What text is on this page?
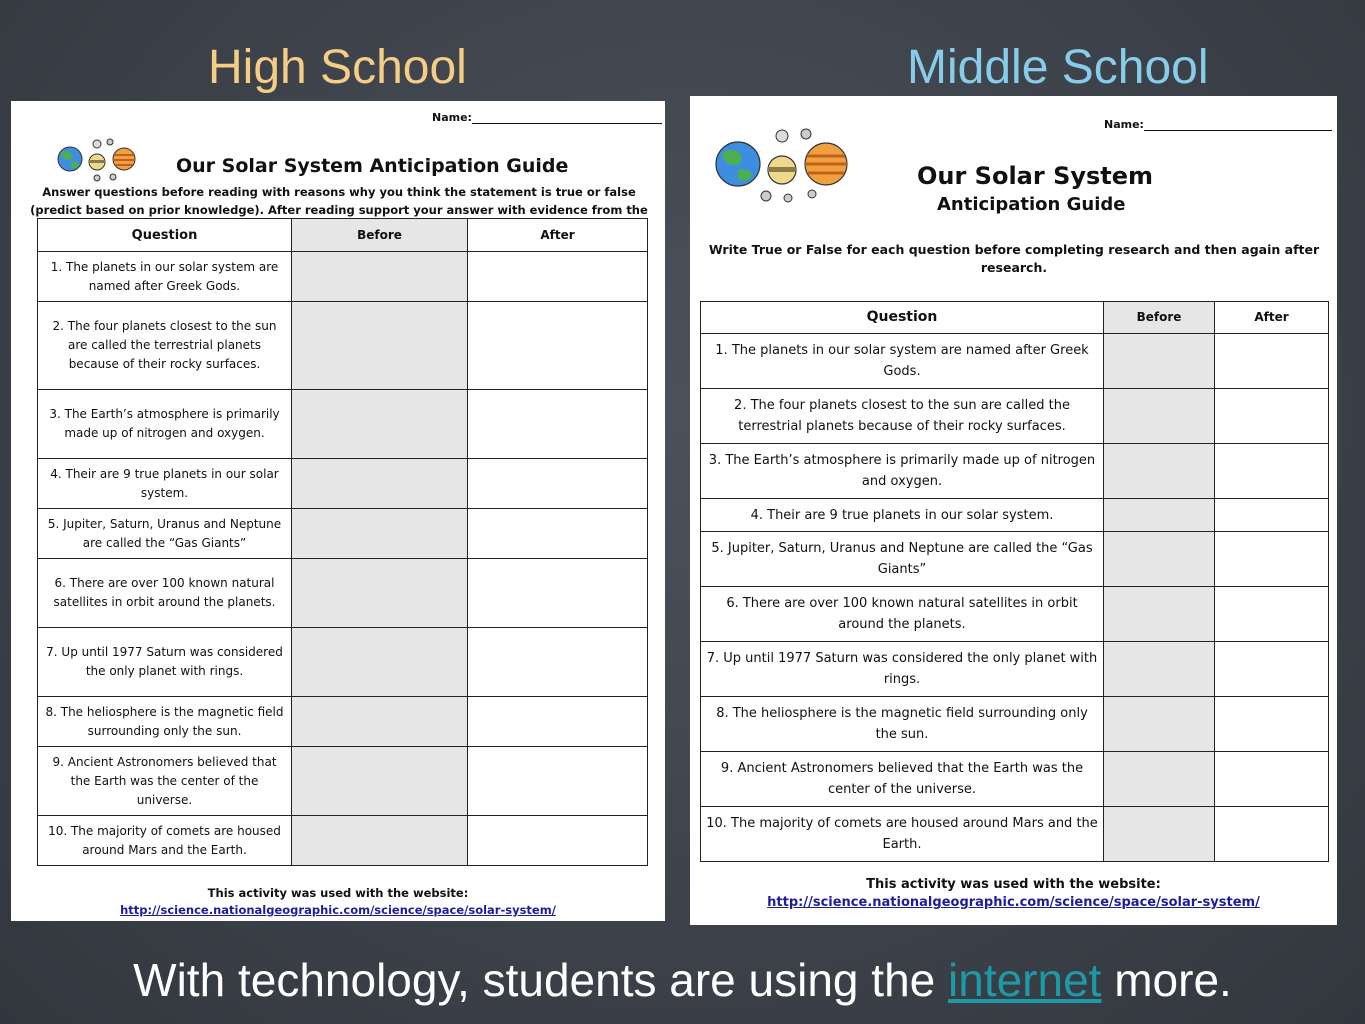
High School	Middle School
Name:
Our Solar System Anticipation Guide
Answer questions before reading with reasons why you think the statement is true or false (predict based on prior knowledge). After reading support your answer with evidence from the
Question	Before	After
1. The planets in our solar system are named after Greek Gods.		
2. The four planets closest to the sun are called the terrestrial planets because of their rocky surfaces.		
3. The Earth’s atmosphere is primarily made up of nitrogen and oxygen.		
4. Their are 9 true planets in our solar system.		
5. Jupiter, Saturn, Uranus and Neptune are called the “Gas Giants”		
6. There are over 100 known natural satellites in orbit around the planets.		
7. Up until 1977 Saturn was considered the only planet with rings.		
8. The heliosphere is the magnetic field surrounding only the sun.		
9. Ancient Astronomers believed that the Earth was the center of the universe.		
10. The majority of comets are housed around Mars and the Earth.		
This activity was used with the website:
http://science.nationalgeographic.com/science/space/solar-system/
Name:
Our Solar System
Anticipation Guide
Write True or False for each question before completing research and then again after research.
Question	Before	After
1. The planets in our solar system are named after Greek Gods.		
2. The four planets closest to the sun are called the terrestrial planets because of their rocky surfaces.		
3. The Earth’s atmosphere is primarily made up of nitrogen and oxygen.		
4. Their are 9 true planets in our solar system.		
5. Jupiter, Saturn, Uranus and Neptune are called the “Gas Giants”		
6. There are over 100 known natural satellites in orbit around the planets.		
7. Up until 1977 Saturn was considered the only planet with rings.		
8. The heliosphere is the magnetic field surrounding only the sun.		
9. Ancient Astronomers believed that the Earth was the center of the universe.		
10. The majority of comets are housed around Mars and the Earth.		
This activity was used with the website:
http://science.nationalgeographic.com/science/space/solar-system/
With technology, students are using the internet more.
